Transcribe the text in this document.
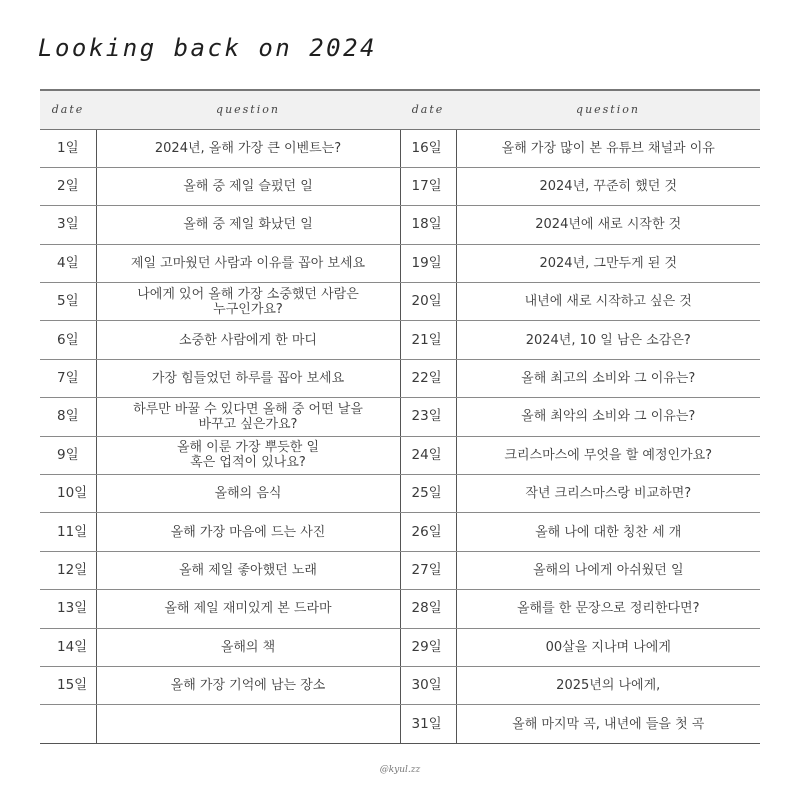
Looking back on 2024
date	question	date	question
1일	2024년, 올해 가장 큰 이벤트는?	16일	올해 가장 많이 본 유튜브 채널과 이유
2일	올해 중 제일 슬펐던 일	17일	2024년, 꾸준히 했던 것
3일	올해 중 제일 화났던 일	18일	2024년에 새로 시작한 것
4일	제일 고마웠던 사람과 이유를 꼽아 보세요	19일	2024년, 그만두게 된 것
5일	나에게 있어 올해 가장 소중했던 사람은
누구인가요?	20일	내년에 새로 시작하고 싶은 것
6일	소중한 사람에게 한 마디	21일	2024년, 10 일 남은 소감은?
7일	가장 힘들었던 하루를 꼽아 보세요	22일	올해 최고의 소비와 그 이유는?
8일	하루만 바꿀 수 있다면 올해 중 어떤 날을
바꾸고 싶은가요?	23일	올해 최악의 소비와 그 이유는?
9일	올해 이룬 가장 뿌듯한 일
혹은 업적이 있나요?	24일	크리스마스에 무엇을 할 예정인가요?
10일	올해의 음식	25일	작년 크리스마스랑 비교하면?
11일	올해 가장 마음에 드는 사진	26일	올해 나에 대한 칭찬 세 개
12일	올해 제일 좋아했던 노래	27일	올해의 나에게 아쉬웠던 일
13일	올해 제일 재미있게 본 드라마	28일	올해를 한 문장으로 정리한다면?
14일	올해의 책	29일	00살을 지나며 나에게
15일	올해 가장 기억에 남는 장소	30일	2025년의 나에게,
		31일	올해 마지막 곡, 내년에 들을 첫 곡
@kyul.zz
